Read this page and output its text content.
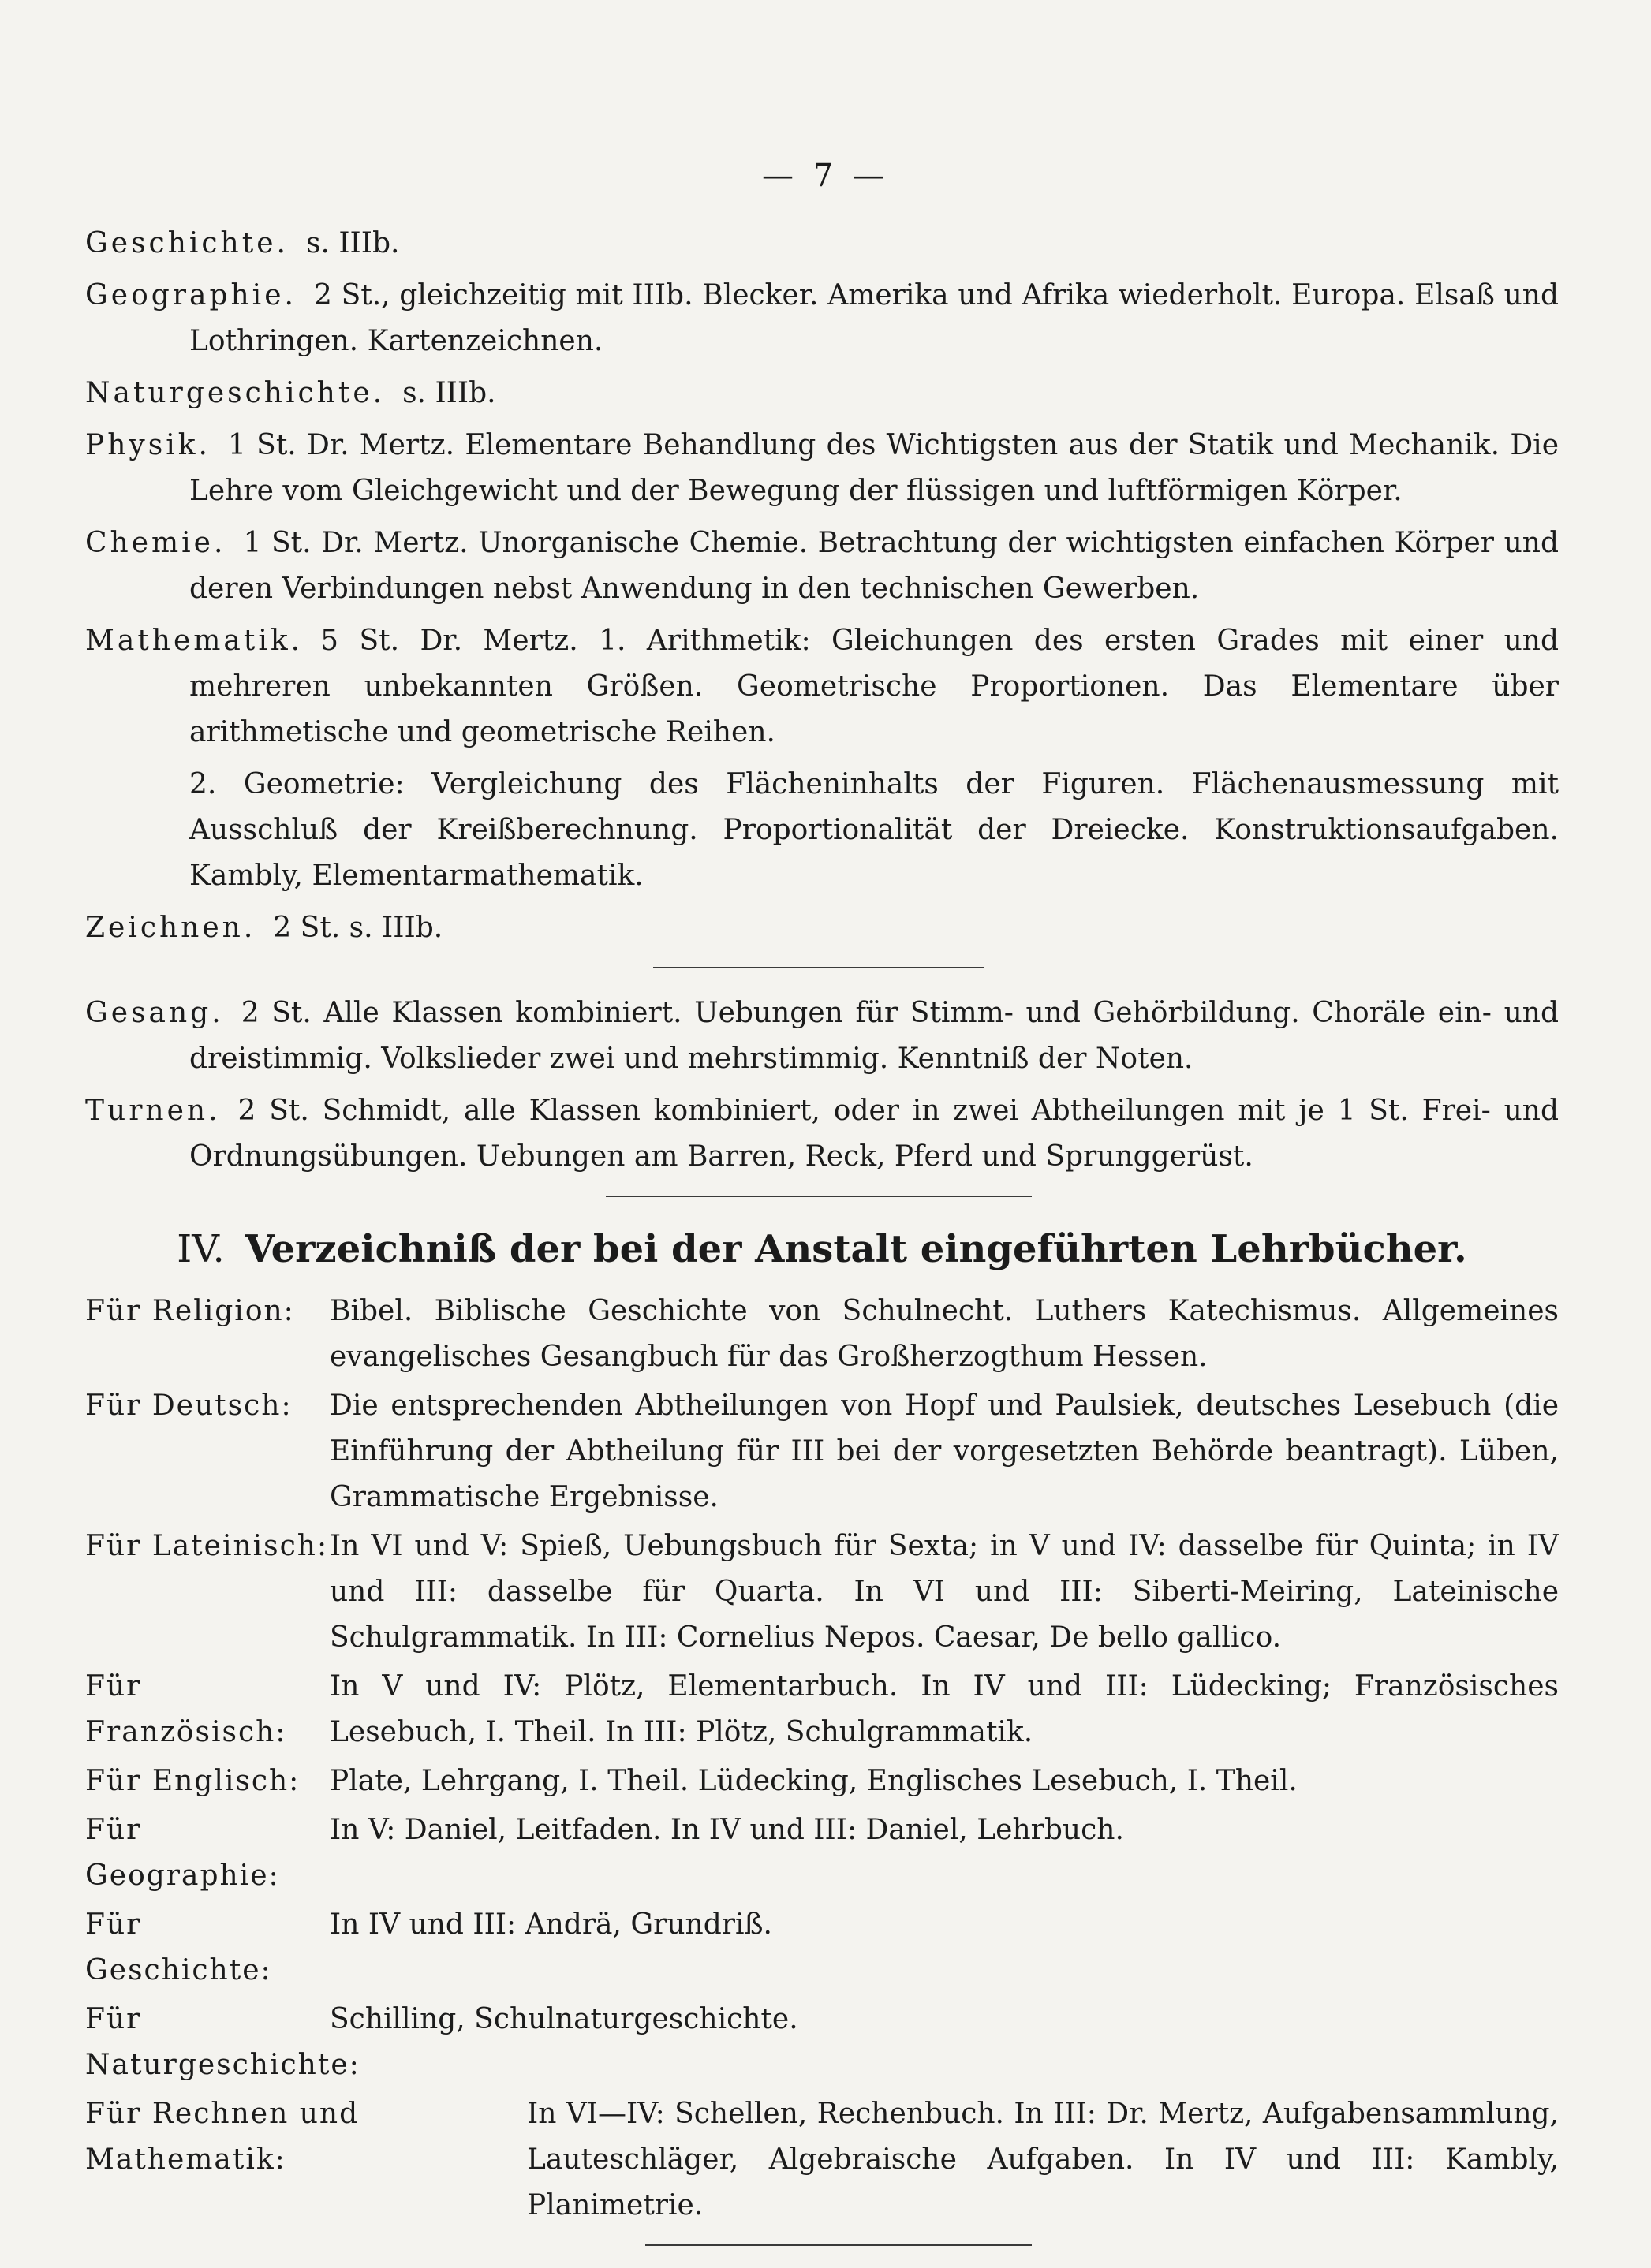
— 7 —
Geschichte. s. IIIb.
Geographie. 2 St., gleichzeitig mit IIIb. Blecker. Amerika und Afrika wiederholt. Europa. Elsaß und Lothringen. Kartenzeichnen.
Naturgeschichte. s. IIIb.
Physik. 1 St. Dr. Mertz. Elementare Behandlung des Wichtigsten aus der Statik und Mechanik. Die Lehre vom Gleichgewicht und der Bewegung der flüssigen und luftförmigen Körper.
Chemie. 1 St. Dr. Mertz. Unorganische Chemie. Betrachtung der wichtigsten einfachen Körper und deren Verbindungen nebst Anwendung in den technischen Gewerben.
Mathematik. 5 St. Dr. Mertz. 1. Arithmetik: Gleichungen des ersten Grades mit einer und mehreren unbekannten Größen. Geometrische Proportionen. Das Elementare über arithmetische und geometrische Reihen.
2. Geometrie: Vergleichung des Flächeninhalts der Figuren. Flächenausmessung mit Ausschluß der Kreißberechnung. Proportionalität der Dreiecke. Konstruktionsaufgaben. Kambly, Elementarmathematik.
Zeichnen. 2 St. s. IIIb.
Gesang. 2 St. Alle Klassen kombiniert. Uebungen für Stimm- und Gehörbildung. Choräle ein- und dreistimmig. Volkslieder zwei und mehrstimmig. Kenntniß der Noten.
Turnen. 2 St. Schmidt, alle Klassen kombiniert, oder in zwei Abtheilungen mit je 1 St. Frei- und Ordnungsübungen. Uebungen am Barren, Reck, Pferd und Sprunggerüst.
IV. Verzeichniß der bei der Anstalt eingeführten Lehrbücher.
Für Religion:	Bibel. Biblische Geschichte von Schulnecht. Luthers Katechismus. Allgemeines evangelisches Gesangbuch für das Großherzogthum Hessen.
Für Deutsch:	Die entsprechenden Abtheilungen von Hopf und Paulsiek, deutsches Lesebuch (die Einführung der Abtheilung für III bei der vorgesetzten Behörde beantragt). Lüben, Grammatische Ergebnisse.
Für Lateinisch: In VI und V: Spieß, Uebungsbuch für Sexta; in V und IV: dasselbe für Quinta; in IV und III: dasselbe für Quarta. In VI und III: Siberti-Meiring, Lateinische Schulgrammatik. In III: Cornelius Nepos. Caesar, De bello gallico.
Für Französisch:
In V und IV: Plötz, Elementarbuch. In IV und III: Lüdecking; Französisches Lesebuch, I. Theil. In III: Plötz, Schulgrammatik.
Für Englisch:	Plate, Lehrgang, I. Theil. Lüdecking, Englisches Lesebuch, I. Theil.
Für Geographie:
In V: Daniel, Leitfaden. In IV und III: Daniel, Lehrbuch.
Für Geschichte:
In IV und III: Andrä, Grundriß.
Für Naturgeschichte:
Schilling, Schulnaturgeschichte.
Für Rechnen und Mathematik:
In VI—IV: Schellen, Rechenbuch. In III: Dr. Mertz, Aufgabensammlung, Lauteschläger, Algebraische Aufgaben. In IV und III: Kambly, Planimetrie.
